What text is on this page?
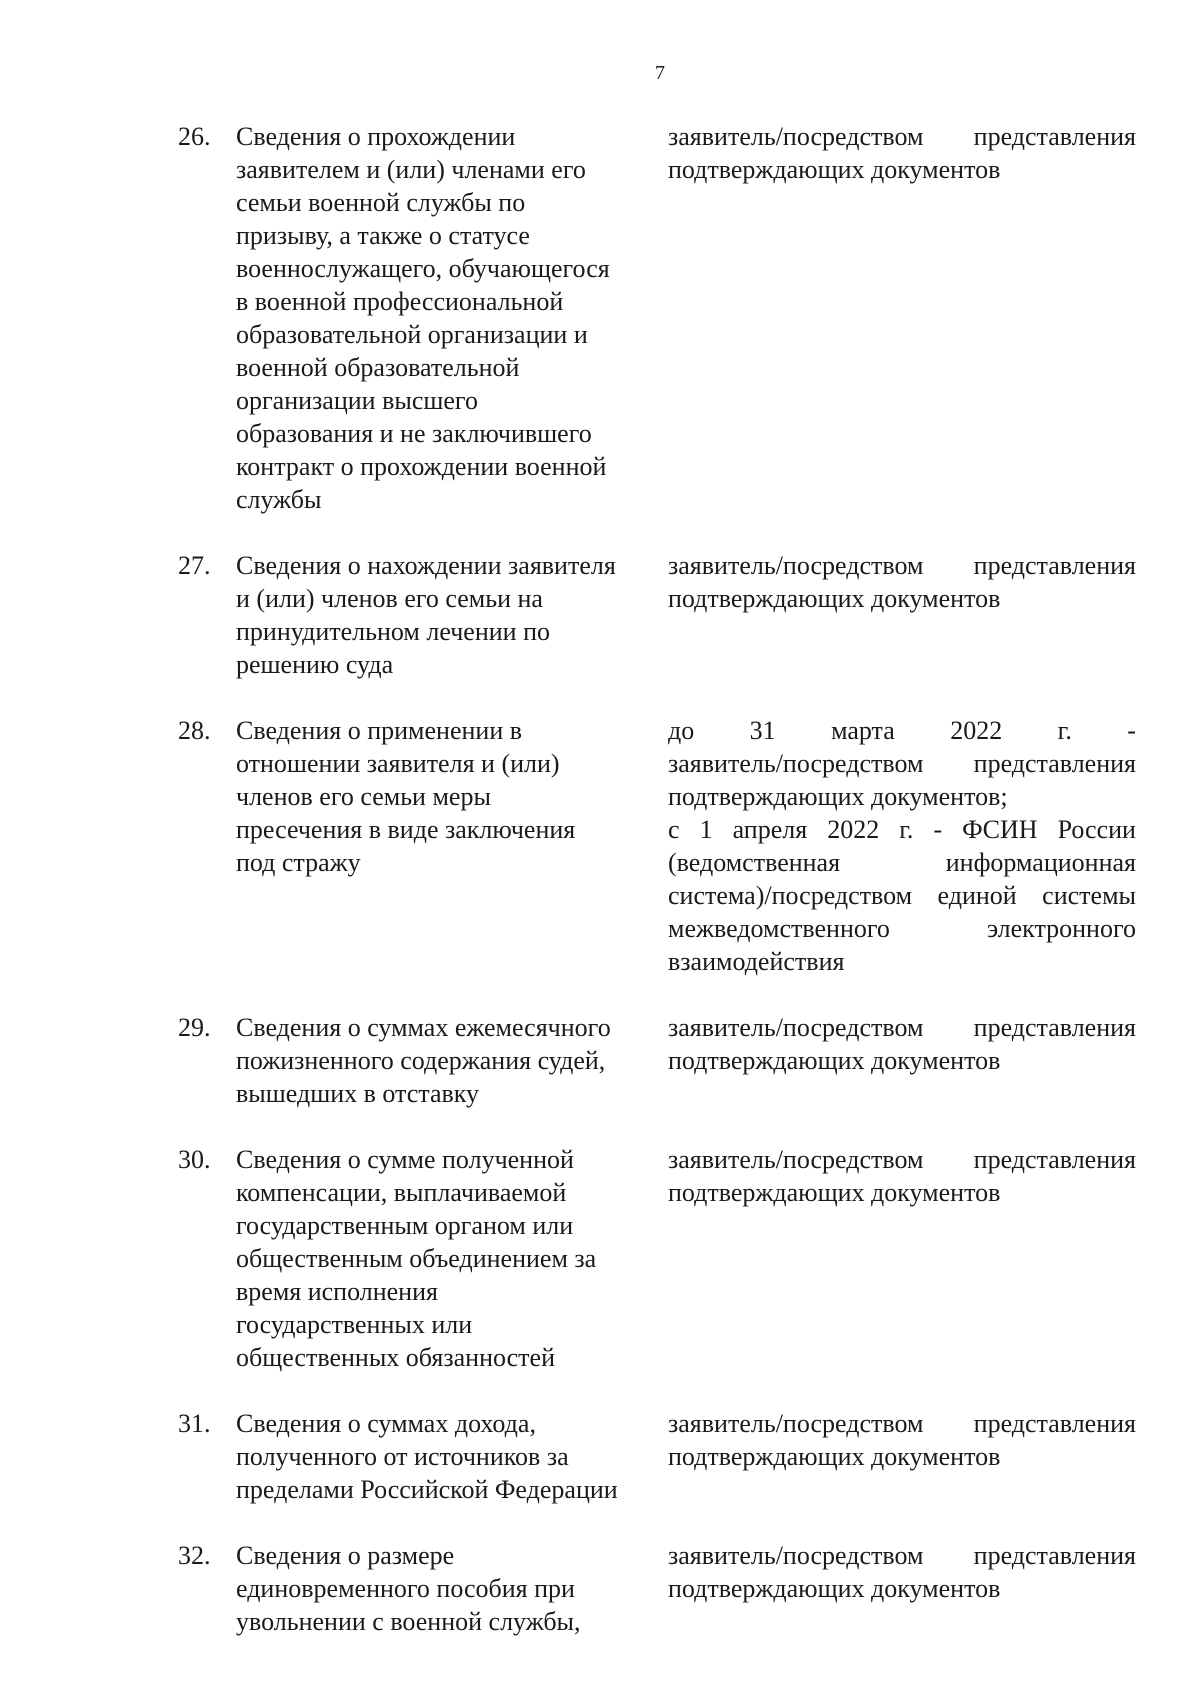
7
26. Сведения о прохождении
заявителем и (или) членами его
семьи военной службы по
призыву, а также о статусе
военнослужащего, обучающегося
в военной профессиональной
образовательной организации и
военной образовательной
организации высшего
образования и не заключившего
контракт о прохождении военной
службы
заявитель/посредством представления
подтверждающих документов
27. Сведения о нахождении заявителя
и (или) членов его семьи на
принудительном лечении по
решению суда
заявитель/посредством представления
подтверждающих документов
28. Сведения о применении в
отношении заявителя и (или)
членов его семьи меры
пресечения в виде заключения
под стражу
до 31 марта 2022 г. -
заявитель/посредством представления
подтверждающих документов;
с 1 апреля 2022 г. - ФСИН России
(ведомственная	информационная
система)/посредством единой системы
межведомственного	электронного
взаимодействия
29. Сведения о суммах ежемесячного
пожизненного содержания судей,
вышедших в отставку
заявитель/посредством представления
подтверждающих документов
30. Сведения о сумме полученной
компенсации, выплачиваемой
государственным органом или
общественным объединением за
время исполнения
государственных или
общественных обязанностей
заявитель/посредством представления
подтверждающих документов
31. Сведения о суммах дохода,
полученного от источников за
пределами Российской Федерации
заявитель/посредством представления
подтверждающих документов
32. Сведения о размере
единовременного пособия при
увольнении с военной службы,
заявитель/посредством представления
подтверждающих документов
